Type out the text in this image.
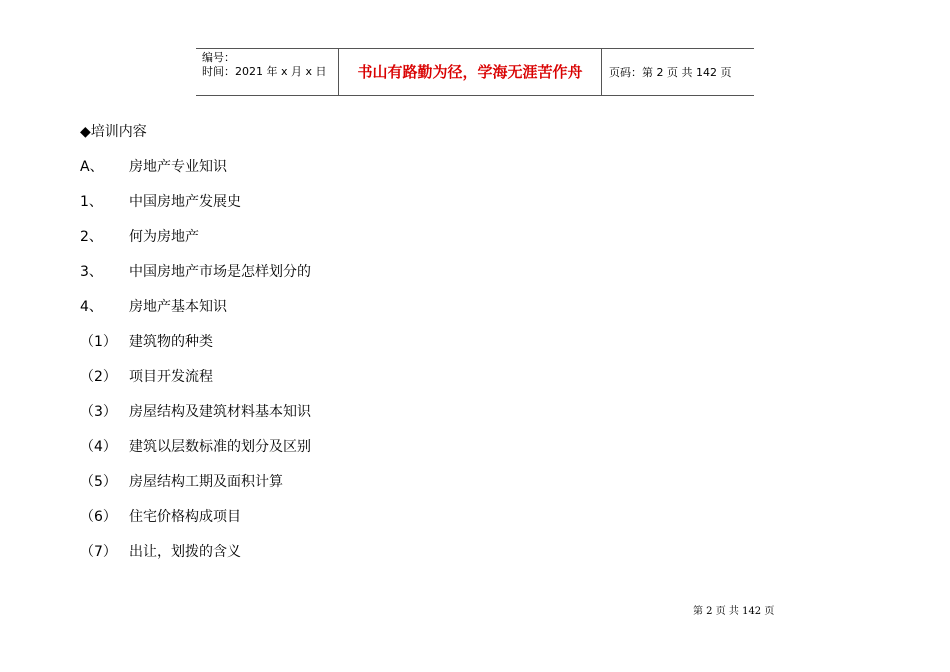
编号：
时间：2021 年 x 月 x 日	书山有路勤为径，学海无涯苦作舟	页码：第 2 页 共 142 页
◆培训内容
A、 房地产专业知识
1、 中国房地产发展史
2、 何为房地产
3、 中国房地产市场是怎样划分的
4、 房地产基本知识
（1） 建筑物的种类
（2） 项目开发流程
（3） 房屋结构及建筑材料基本知识
（4） 建筑以层数标准的划分及区别
（5） 房屋结构工期及面积计算
（6） 住宅价格构成项目
（7） 出让，划拨的含义
第 2 页 共 142 页
